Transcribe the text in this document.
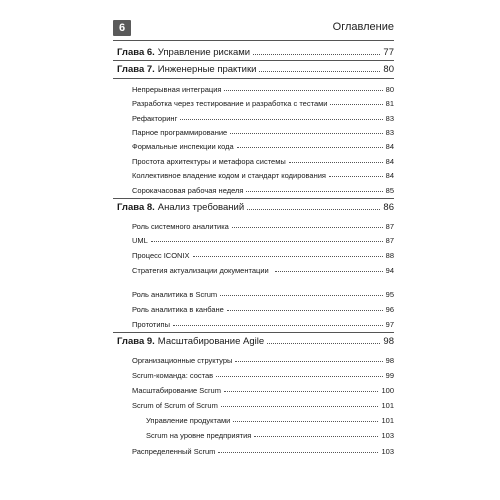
6	Оглавление
Глава 6. Управление рисками	77
Глава 7. Инженерные практики	80
Непрерывная интеграция	80
Разработка через тестирование и разработка с тестами	81
Рефакторинг	83
Парное программирование	83
Формальные инспекции кода	84
Простота архитектуры и метафора системы	84
Коллективное владение кодом и стандарт кодирования	84
Сорокачасовая рабочая неделя	85
Глава 8. Анализ требований	86
Роль системного аналитика	87
UML	87
Процесс ICONIX	88
Стратегия актуализации документации	94
Роль аналитика в Scrum	95
Роль аналитика в канбане	96
Прототипы	97
Глава 9. Масштабирование Agile	98
Организационные структуры	98
Scrum-команда: состав	99
Масштабирование Scrum	100
Scrum of Scrum of Scrum	101
Управление продуктами	101
Scrum на уровне предприятия	103
Распределенный Scrum	103
